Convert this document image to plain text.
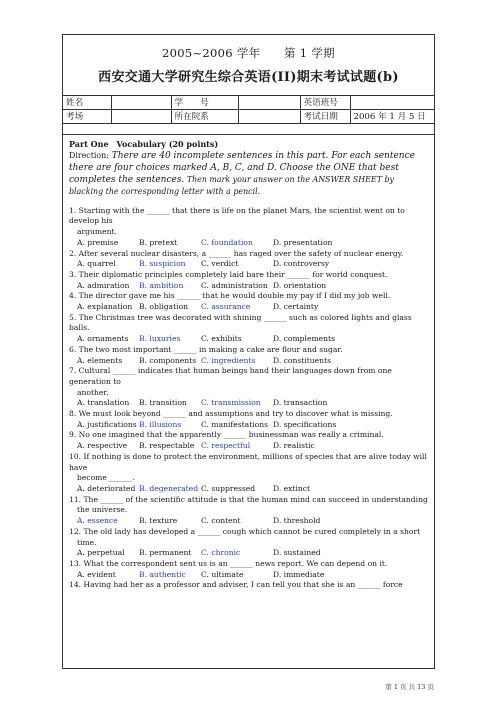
2005~2006 学年　　第 1 学期
西安交通大学研究生综合英语(II)期末考试试题(b)
姓名		学　　号		英语班号	
考场		所在院系		考试日期	2006 年 1 月 5 日
Part One　Vocabulary (20 points)
Direction: There are 40 incomplete sentences in this part. For each sentence there are four choices marked A, B, C, and D. Choose the ONE that best completes the sentences. Then mark your answer on the ANSWER SHEET by blacking the corresponding letter with a pencil.
1. Starting with the ______ that there is life on the planet Mars, the scientist went on to develop his
argument.
A. premise	B. pretext	C. foundation	D. presentation
2. After several nuclear disasters, a ______ has raged over the safety of nuclear energy.
A. quarrel	B. suspicion C. verdict	D. controversy
3. Their diplomatic principles completely laid bare their ______ for world conquest.
A. admiration B. ambition C. administration D. orientation
4. The director gave me his ______ that he would double my pay if I did my job well.
A. explanation B. obligation C. assurance	D. certainty
5. The Christmas tree was decorated with shining ______ such as colored lights and glass balls.
A. ornaments B. luxuries	C. exhibits	D. complements
6. The two most important ______ in making a cake are flour and sugar.
A. elements B. components C. ingredients D. constituents
7. Cultural ______ indicates that human beings hand their languages down from one generation to
another.
A. translation B. transition C. transmission D. transaction
8. We must look beyond ______ and assumptions and try to discover what is missing.
A. justifications B. illusions	C. manifestations D. specifications
9. No one imagined that the apparently ______ businessman was really a criminal.
A. respective B. respectable C. respectful	D. realistic
10. If nothing is done to protect the environment, millions of species that are alive today will have
become ______.
A. deteriorated B. degenerated C. suppressed D. extinct
11. The ______ of the scientific attitude is that the human mind can succeed in understanding
the universe.
A. essence	B. texture	C. content	D. threshold
12. The old lady has developed a ______ cough which cannot be cured completely in a short
time.
A. perpetual B. permanent C. chronic	D. sustained
13. What the correspondent sent us is an ______ news report. We can depend on it.
A. evident	B. authentic C. ultimate	D. immediate
14. Having had her as a professor and adviser, I can tell you that she is an ______ force
第 1 页 共 13 页
